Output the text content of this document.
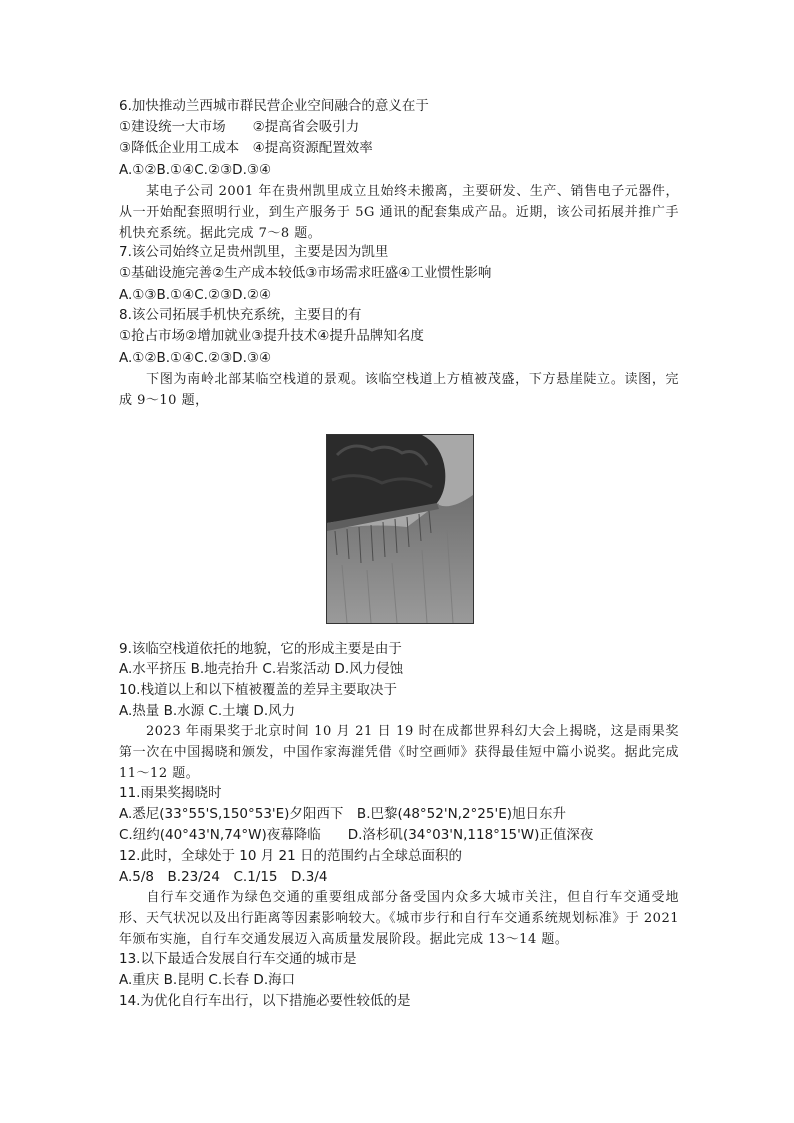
6.加快推动兰西城市群民营企业空间融合的意义在于
①建设统一大市场　　②提高省会吸引力
③降低企业用工成本　④提高资源配置效率
A.①②B.①④C.②③D.③④
某电子公司 2001 年在贵州凯里成立且始终未搬离，主要研发、生产、销售电子元器件，从一开始配套照明行业，到生产服务于 5G 通讯的配套集成产品。近期，该公司拓展并推广手机快充系统。据此完成 7～8 题。
7.该公司始终立足贵州凯里，主要是因为凯里
①基础设施完善②生产成本较低③市场需求旺盛④工业惯性影响
A.①③B.①④C.②③D.②④
8.该公司拓展手机快充系统，主要目的有
①抢占市场②增加就业③提升技术④提升品牌知名度
A.①②B.①④C.②③D.③④
下图为南岭北部某临空栈道的景观。该临空栈道上方植被茂盛，下方悬崖陡立。读图，完成 9～10 题，
9.该临空栈道依托的地貌，它的形成主要是由于
A.水平挤压 B.地壳抬升 C.岩浆活动 D.风力侵蚀
10.栈道以上和以下植被覆盖的差异主要取决于
A.热量 B.水源 C.土壤 D.风力
2023 年雨果奖于北京时间 10 月 21 日 19 时在成都世界科幻大会上揭晓，这是雨果奖第一次在中国揭晓和颁发，中国作家海漄凭借《时空画师》获得最佳短中篇小说奖。据此完成 11～12 题。
11.雨果奖揭晓时
A.悉尼(33°55'S,150°53'E)夕阳西下　B.巴黎(48°52'N,2°25'E)旭日东升
C.纽约(40°43'N,74°W)夜幕降临　　D.洛杉矶(34°03'N,118°15'W)正值深夜
12.此时，全球处于 10 月 21 日的范围约占全球总面积的
A.5/8　B.23/24　C.1/15　D.3/4
自行车交通作为绿色交通的重要组成部分备受国内众多大城市关注，但自行车交通受地形、天气状况以及出行距离等因素影响较大。《城市步行和自行车交通系统规划标准》于 2021 年颁布实施，自行车交通发展迈入高质量发展阶段。据此完成 13～14 题。
13.以下最适合发展自行车交通的城市是
A.重庆 B.昆明 C.长春 D.海口
14.为优化自行车出行，以下措施必要性较低的是
